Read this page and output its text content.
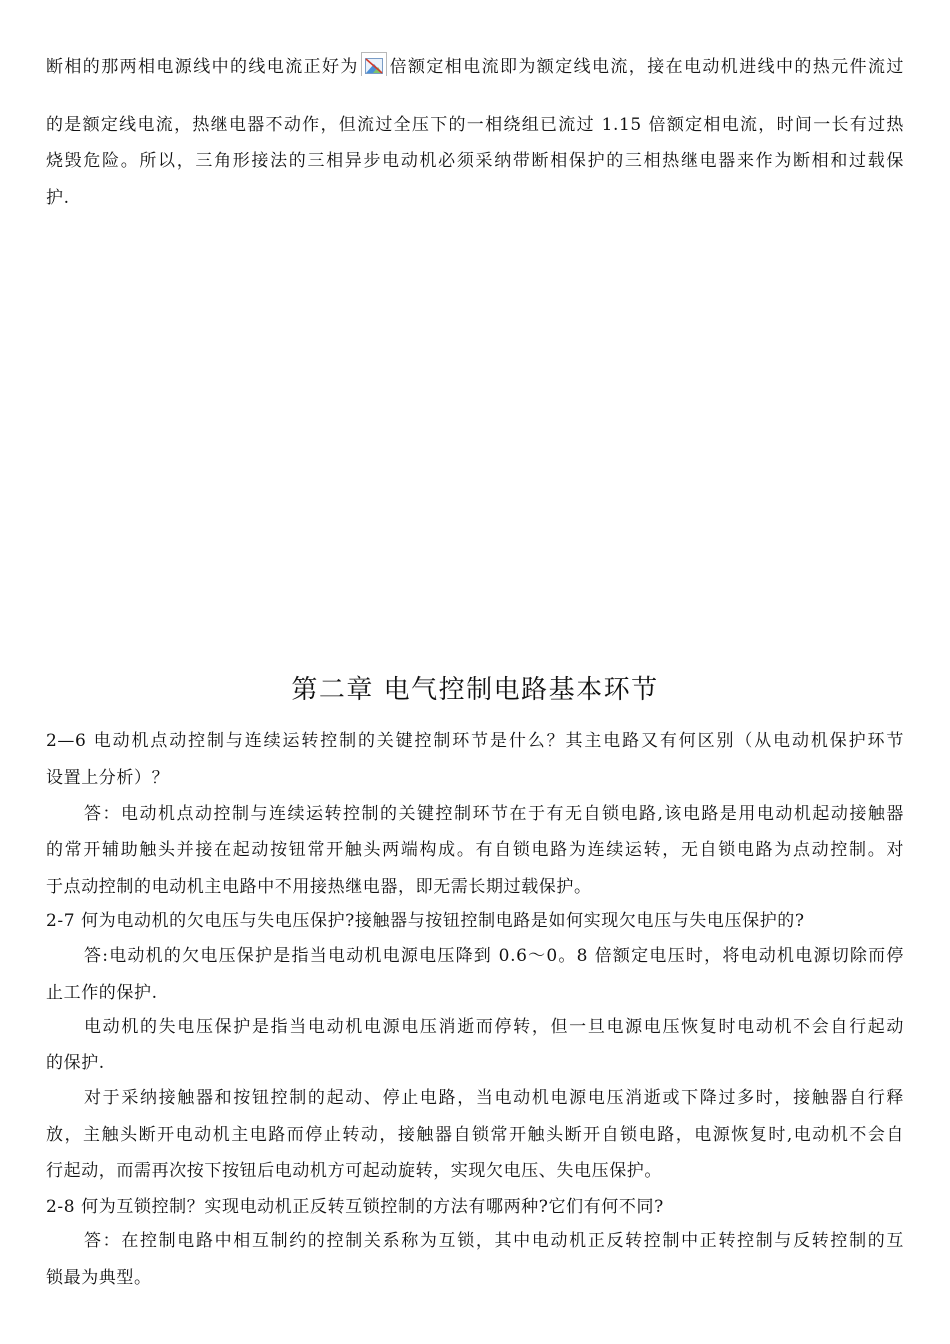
断相的那两相电源线中的线电流正好为 倍额定相电流即为额定线电流，接在电动机进线中的热元件流过
的是额定线电流，热继电器不动作，但流过全压下的一相绕组已流过 1.15 倍额定相电流，时间一长有过热
烧毁危险。所以，三角形接法的三相异步电动机必须采纳带断相保护的三相热继电器来作为断相和过载保
护.
第二章 电气控制电路基本环节
2—6 电动机点动控制与连续运转控制的关键控制环节是什么？其主电路又有何区别（从电动机保护环节
设置上分析）？
答：电动机点动控制与连续运转控制的关键控制环节在于有无自锁电路,该电路是用电动机起动接触器
的常开辅助触头并接在起动按钮常开触头两端构成。有自锁电路为连续运转，无自锁电路为点动控制。对
于点动控制的电动机主电路中不用接热继电器，即无需长期过载保护。
2-7 何为电动机的欠电压与失电压保护?接触器与按钮控制电路是如何实现欠电压与失电压保护的?
答:电动机的欠电压保护是指当电动机电源电压降到 0.6～0。8 倍额定电压时，将电动机电源切除而停
止工作的保护.
电动机的失电压保护是指当电动机电源电压消逝而停转，但一旦电源电压恢复时电动机不会自行起动
的保护.
对于采纳接触器和按钮控制的起动、停止电路，当电动机电源电压消逝或下降过多时，接触器自行释
放，主触头断开电动机主电路而停止转动，接触器自锁常开触头断开自锁电路，电源恢复时,电动机不会自
行起动，而需再次按下按钮后电动机方可起动旋转，实现欠电压、失电压保护。
2-8 何为互锁控制？实现电动机正反转互锁控制的方法有哪两种?它们有何不同?
答：在控制电路中相互制约的控制关系称为互锁，其中电动机正反转控制中正转控制与反转控制的互
锁最为典型。
